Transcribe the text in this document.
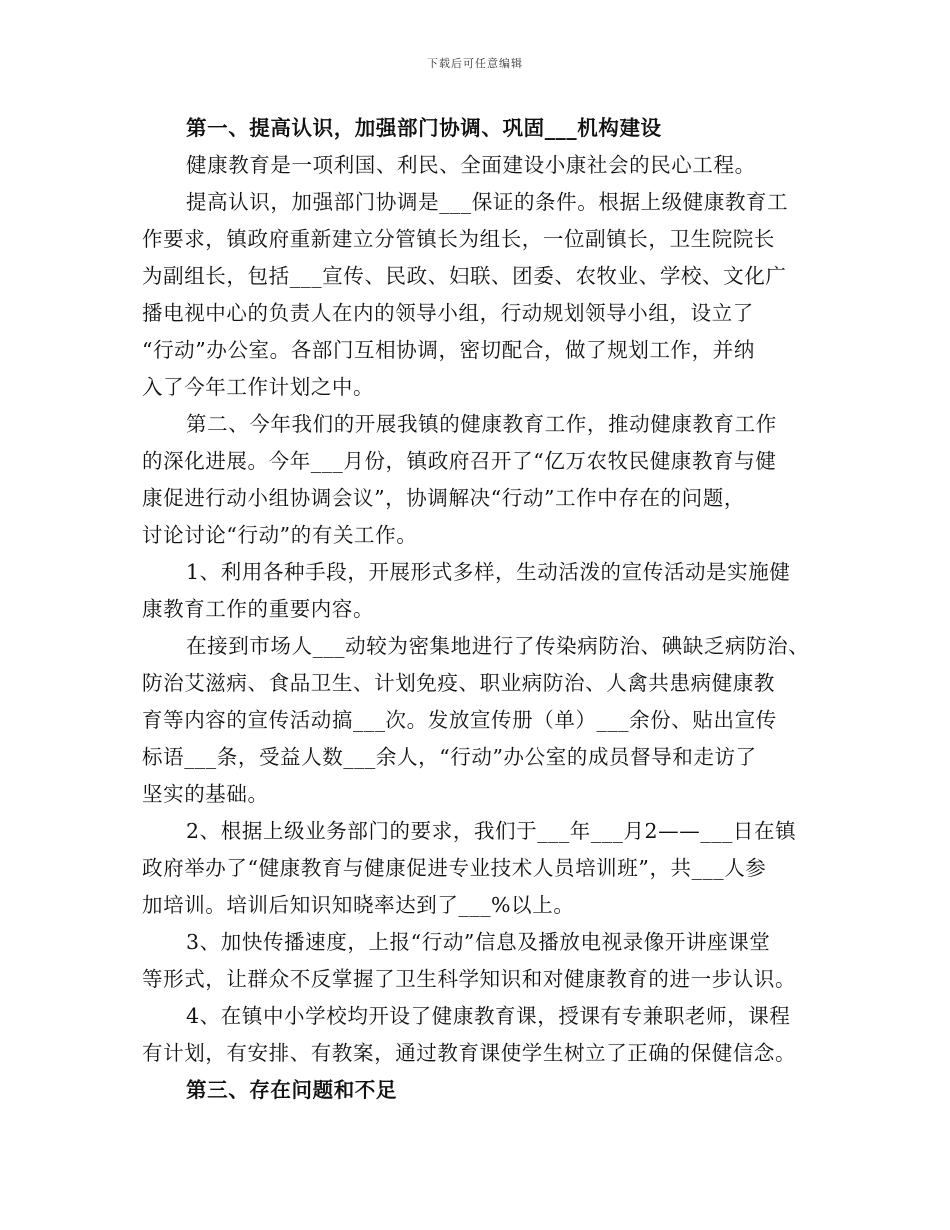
下载后可任意编辑
第一、提高认识，加强部门协调、巩固___机构建设
健康教育是一项利国、利民、全面建设小康社会的民心工程。
提高认识，加强部门协调是___保证的条件。根据上级健康教育工
作要求，镇政府重新建立分管镇长为组长，一位副镇长，卫生院院长
为副组长，包括___宣传、民政、妇联、团委、农牧业、学校、文化广
播电视中心的负责人在内的领导小组，行动规划领导小组，设立了
“行动”办公室。各部门互相协调，密切配合，做了规划工作，并纳
入了今年工作计划之中。
第二、今年我们的开展我镇的健康教育工作，推动健康教育工作
的深化进展。今年___月份，镇政府召开了“亿万农牧民健康教育与健
康促进行动小组协调会议”，协调解决“行动”工作中存在的问题，
讨论讨论“行动”的有关工作。
1、利用各种手段，开展形式多样，生动活泼的宣传活动是实施健
康教育工作的重要内容。
在接到市场人___动较为密集地进行了传染病防治、碘缺乏病防治、
防治艾滋病、食品卫生、计划免疫、职业病防治、人禽共患病健康教
育等内容的宣传活动搞___次。发放宣传册（单）___余份、贴出宣传
标语___条，受益人数___余人，“行动”办公室的成员督导和走访了
坚实的基础。
2、根据上级业务部门的要求，我们于___年___月2——___日在镇
政府举办了“健康教育与健康促进专业技术人员培训班”，共___人参
加培训。培训后知识知晓率达到了___%以上。
3、加快传播速度，上报“行动”信息及播放电视录像开讲座课堂
等形式，让群众不反掌握了卫生科学知识和对健康教育的进一步认识。
4、在镇中小学校均开设了健康教育课，授课有专兼职老师，课程
有计划，有安排、有教案，通过教育课使学生树立了正确的保健信念。
第三、存在问题和不足
